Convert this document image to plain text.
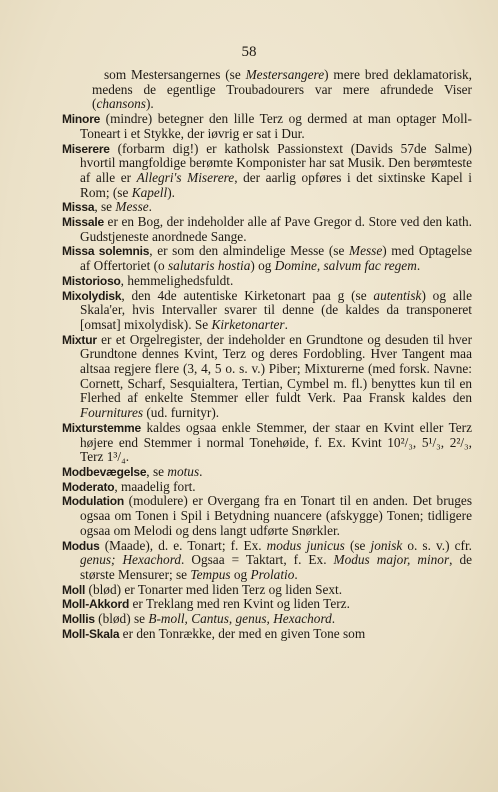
58

som Mestersangernes (se Mestersangere) mere bred deklamatorisk, medens de egentlige Troubadourers var mere afrundede Viser (chansons).

Minore (mindre) betegner den lille Terz og dermed at man optager Moll-Toneart i et Stykke, der iøvrig er sat i Dur.

Miserere (forbarm dig!) er katholsk Passionstext (Davids 57de Salme) hvortil mangfoldige berømte Komponister har sat Musik. Den berømteste af alle er Allegri's Miserere, der aarlig opføres i det sixtinske Kapel i Rom; (se Kapell).

Missa, se Messe.

Missale er en Bog, der indeholder alle af Pave Gregor d. Store ved den kath. Gudstjeneste anordnede Sange.

Missa solemnis, er som den almindelige Messe (se Messe) med Optagelse af Offertoriet (o salutaris hostia) og Domine, salvum fac regem.

Mistorioso, hemmelighedsfuldt.

Mixolydisk, den 4de autentiske Kirketonart paa g (se autentisk) og alle Skala'er, hvis Intervaller svarer til denne (de kaldes da transponeret [omsat] mixolydisk). Se Kirketonarter.

Mixtur er et Orgelregister, der indeholder en Grundtone og desuden til hver Grundtone dennes Kvint, Terz og deres Fordobling. Hver Tangent maa altsaa regjere flere (3, 4, 5 o. s. v.) Piber; Mixturerne (med forsk. Navne: Cornett, Scharf, Sesquialtera, Tertian, Cymbel m. fl.) benyttes kun til en Flerhed af enkelte Stemmer eller fuldt Verk. Paa Fransk kaldes den Fournitures (ud. furnityr).

Mixturstemme kaldes ogsaa enkle Stemmer, der staar en Kvint eller Terz højere end Stemmer i normal Tonehøide, f. Ex. Kvint 10²/₃, 5¹/₃, 2²/₃, Terz 1³/₄.

Modbevægelse, se motus.

Moderato, maadelig fort.

Modulation (modulere) er Overgang fra en Tonart til en anden. Det bruges ogsaa om Tonen i Spil i Betydning nuancere (afskygge) Tonen; tidligere ogsaa om Melodi og dens langt udførte Snørkler.

Modus (Maade), d. e. Tonart; f. Ex. modus junicus (se jonisk o. s. v.) cfr. genus; Hexachord. Ogsaa = Taktart, f. Ex. Modus major, minor, de største Mensurer; se Tempus og Prolatio.

Moll (blød) er Tonarter med liden Terz og liden Sext.

Moll-Akkord er Treklang med ren Kvint og liden Terz.

Mollis (blød) se B-moll, Cantus, genus, Hexachord.

Moll-Skala er den Tonrække, der med en given Tone som
